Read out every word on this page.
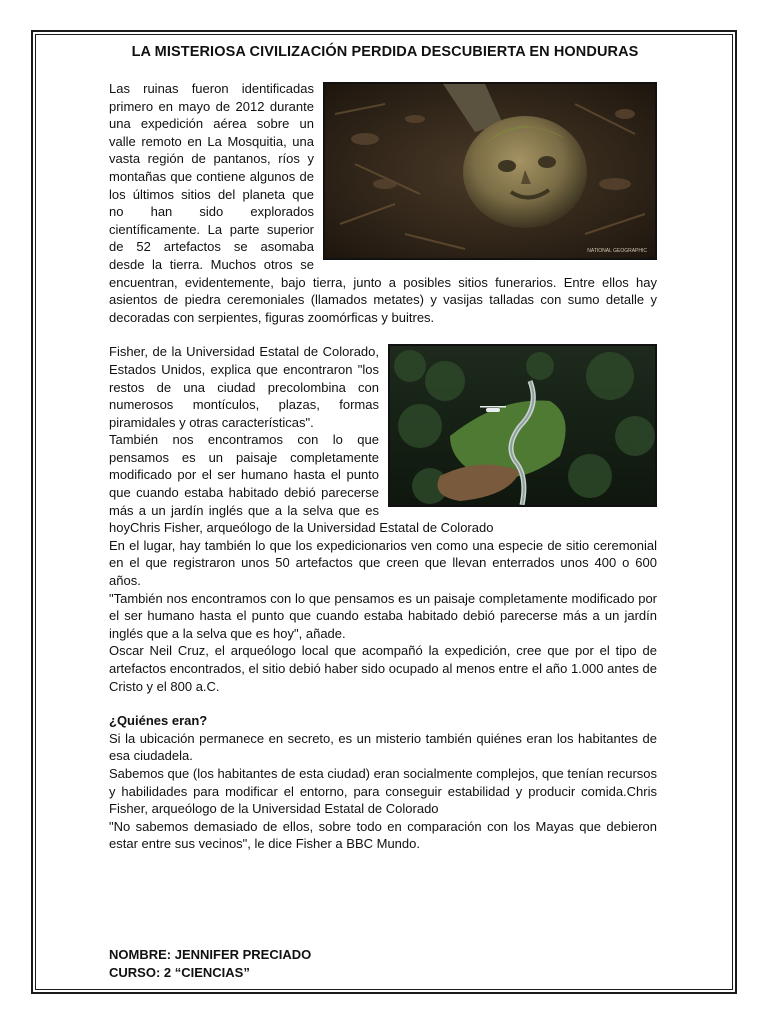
LA MISTERIOSA CIVILIZACIÓN PERDIDA DESCUBIERTA EN HONDURAS
NATIONAL GEOGRAPHIC

Las ruinas fueron identificadas primero en mayo de 2012 durante una expedición aérea sobre un valle remoto en La Mosquitia, una vasta región de pantanos, ríos y montañas que contiene algunos de los últimos sitios del planeta que no han sido explorados científicamente. La parte superior de 52 artefactos se asomaba desde la tierra. Muchos otros se encuentran, evidentemente, bajo tierra, junto a posibles sitios funerarios. Entre ellos hay asientos de piedra ceremoniales (llamados metates) y vasijas talladas con sumo detalle y decoradas con serpientes, figuras zoomórficas y buitres.

Fisher, de la Universidad Estatal de Colorado, Estados Unidos, explica que encontraron "los restos de una ciudad precolombina con numerosos montículos, plazas, formas piramidales y otras características".

También nos encontramos con lo que pensamos es un paisaje completamente modificado por el ser humano hasta el punto que cuando estaba habitado debió parecerse más a un jardín inglés que a la selva que es hoyChris Fisher, arqueólogo de la Universidad Estatal de Colorado

En el lugar, hay también lo que los expedicionarios ven como una especie de sitio ceremonial en el que registraron unos 50 artefactos que creen que llevan enterrados unos 400 o 600 años.

"También nos encontramos con lo que pensamos es un paisaje completamente modificado por el ser humano hasta el punto que cuando estaba habitado debió parecerse más a un jardín inglés que a la selva que es hoy", añade.

Oscar Neil Cruz, el arqueólogo local que acompañó la expedición, cree que por el tipo de artefactos encontrados, el sitio debió haber sido ocupado al menos entre el año 1.000 antes de Cristo y el 800 a.C.

¿Quiénes eran?

Si la ubicación permanece en secreto, es un misterio también quiénes eran los habitantes de esa ciudadela.

Sabemos que (los habitantes de esta ciudad) eran socialmente complejos, que tenían recursos y habilidades para modificar el entorno, para conseguir estabilidad y producir comida.Chris Fisher, arqueólogo de la Universidad Estatal de Colorado

"No sabemos demasiado de ellos, sobre todo en comparación con los Mayas que debieron estar entre sus vecinos", le dice Fisher a BBC Mundo.

NOMBRE: JENNIFER PRECIADO
CURSO: 2 “CIENCIAS”
